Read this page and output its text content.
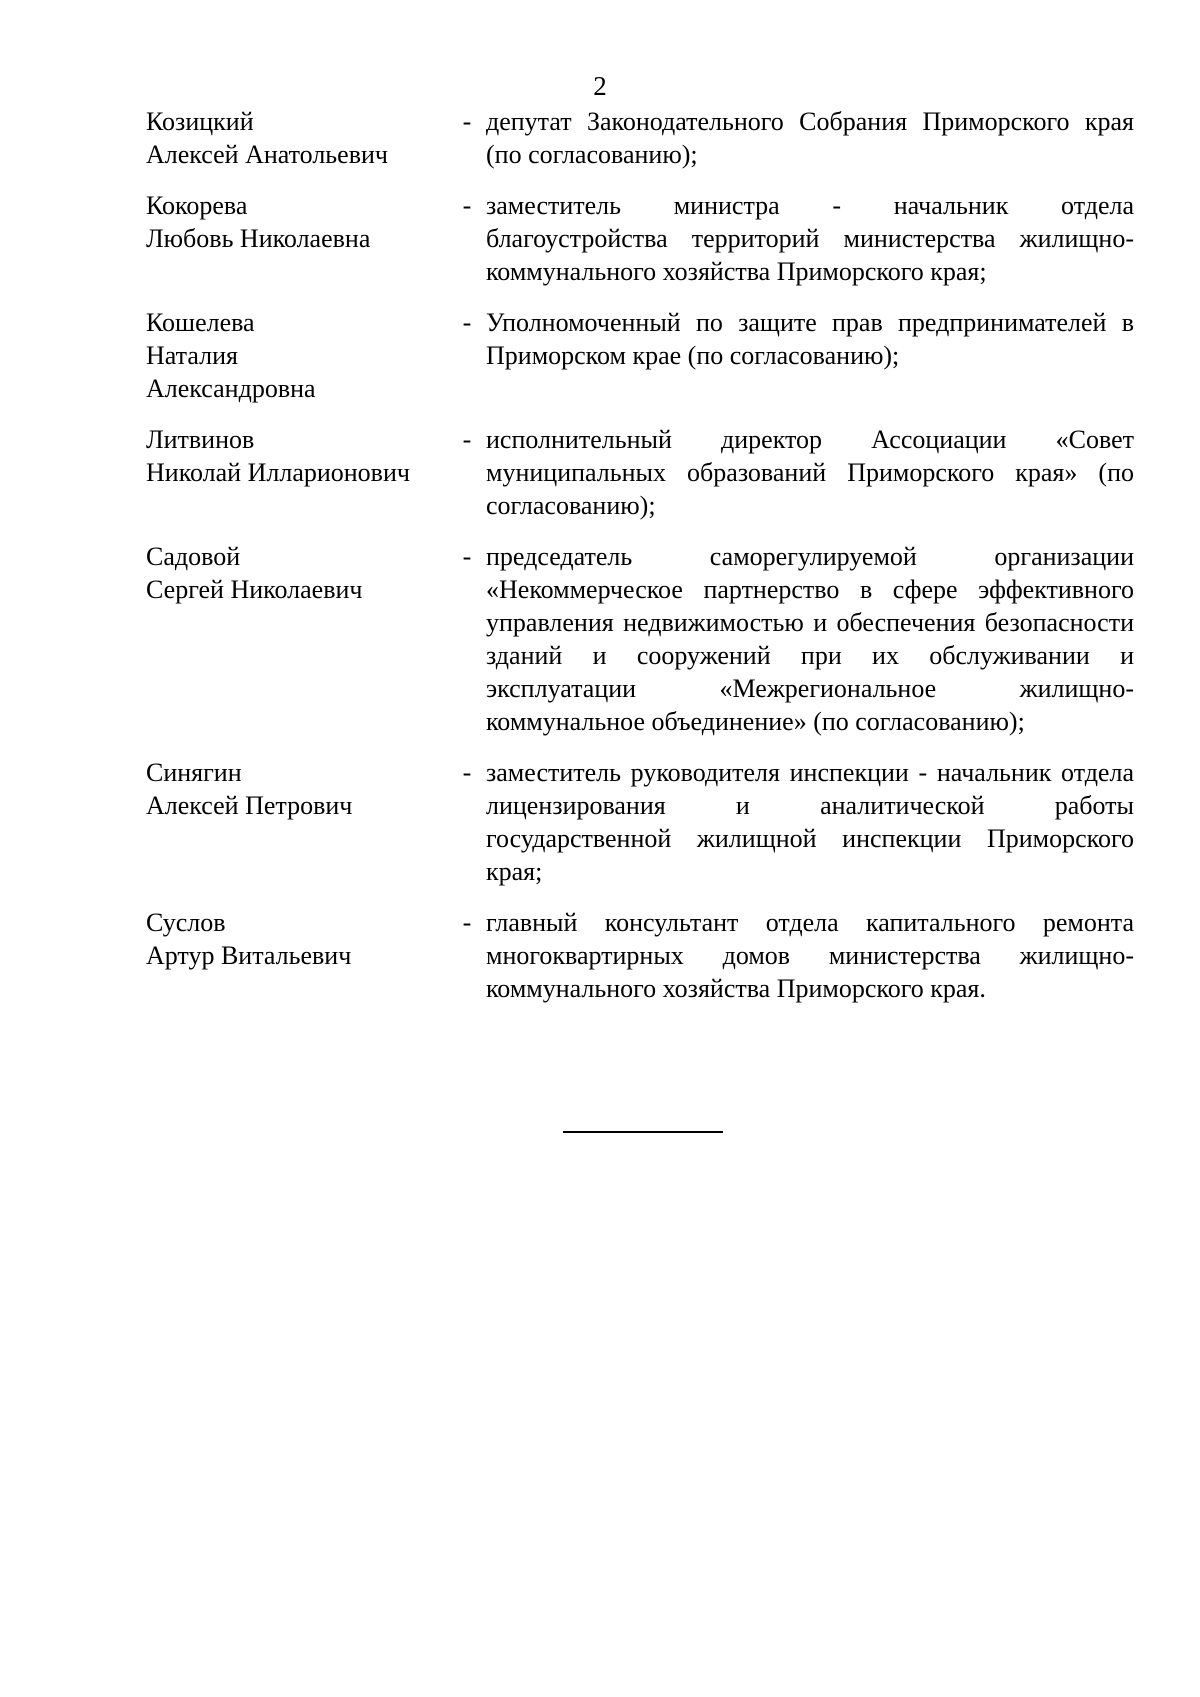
2
Козицкий
Алексей Анатольевич
- депутат Законодательного Собрания Приморского края (по согласованию);
Кокорева
Любовь Николаевна
- заместитель министра - начальник отдела благоустройства территорий министерства жилищно-коммунального хозяйства Приморского края;
Кошелева
Наталия
Александровна
- Уполномоченный по защите прав предпринимателей в Приморском крае (по согласованию);
Литвинов
Николай Илларионович
- исполнительный директор Ассоциации «Совет муниципальных образований Приморского края» (по согласованию);
Садовой
Сергей Николаевич
- председатель саморегулируемой организации «Некоммерческое партнерство в сфере эффективного управления недвижимостью и обеспечения безопасности зданий и сооружений при их обслуживании и эксплуатации «Межрегиональное жилищно-коммунальное объединение» (по согласованию);
Синягин
Алексей Петрович
- заместитель руководителя инспекции - начальник отдела лицензирования и аналитической работы государственной жилищной инспекции Приморского края;
Суслов
Артур Витальевич
- главный консультант отдела капитального ремонта многоквартирных домов министерства жилищно-коммунального хозяйства Приморского края.
